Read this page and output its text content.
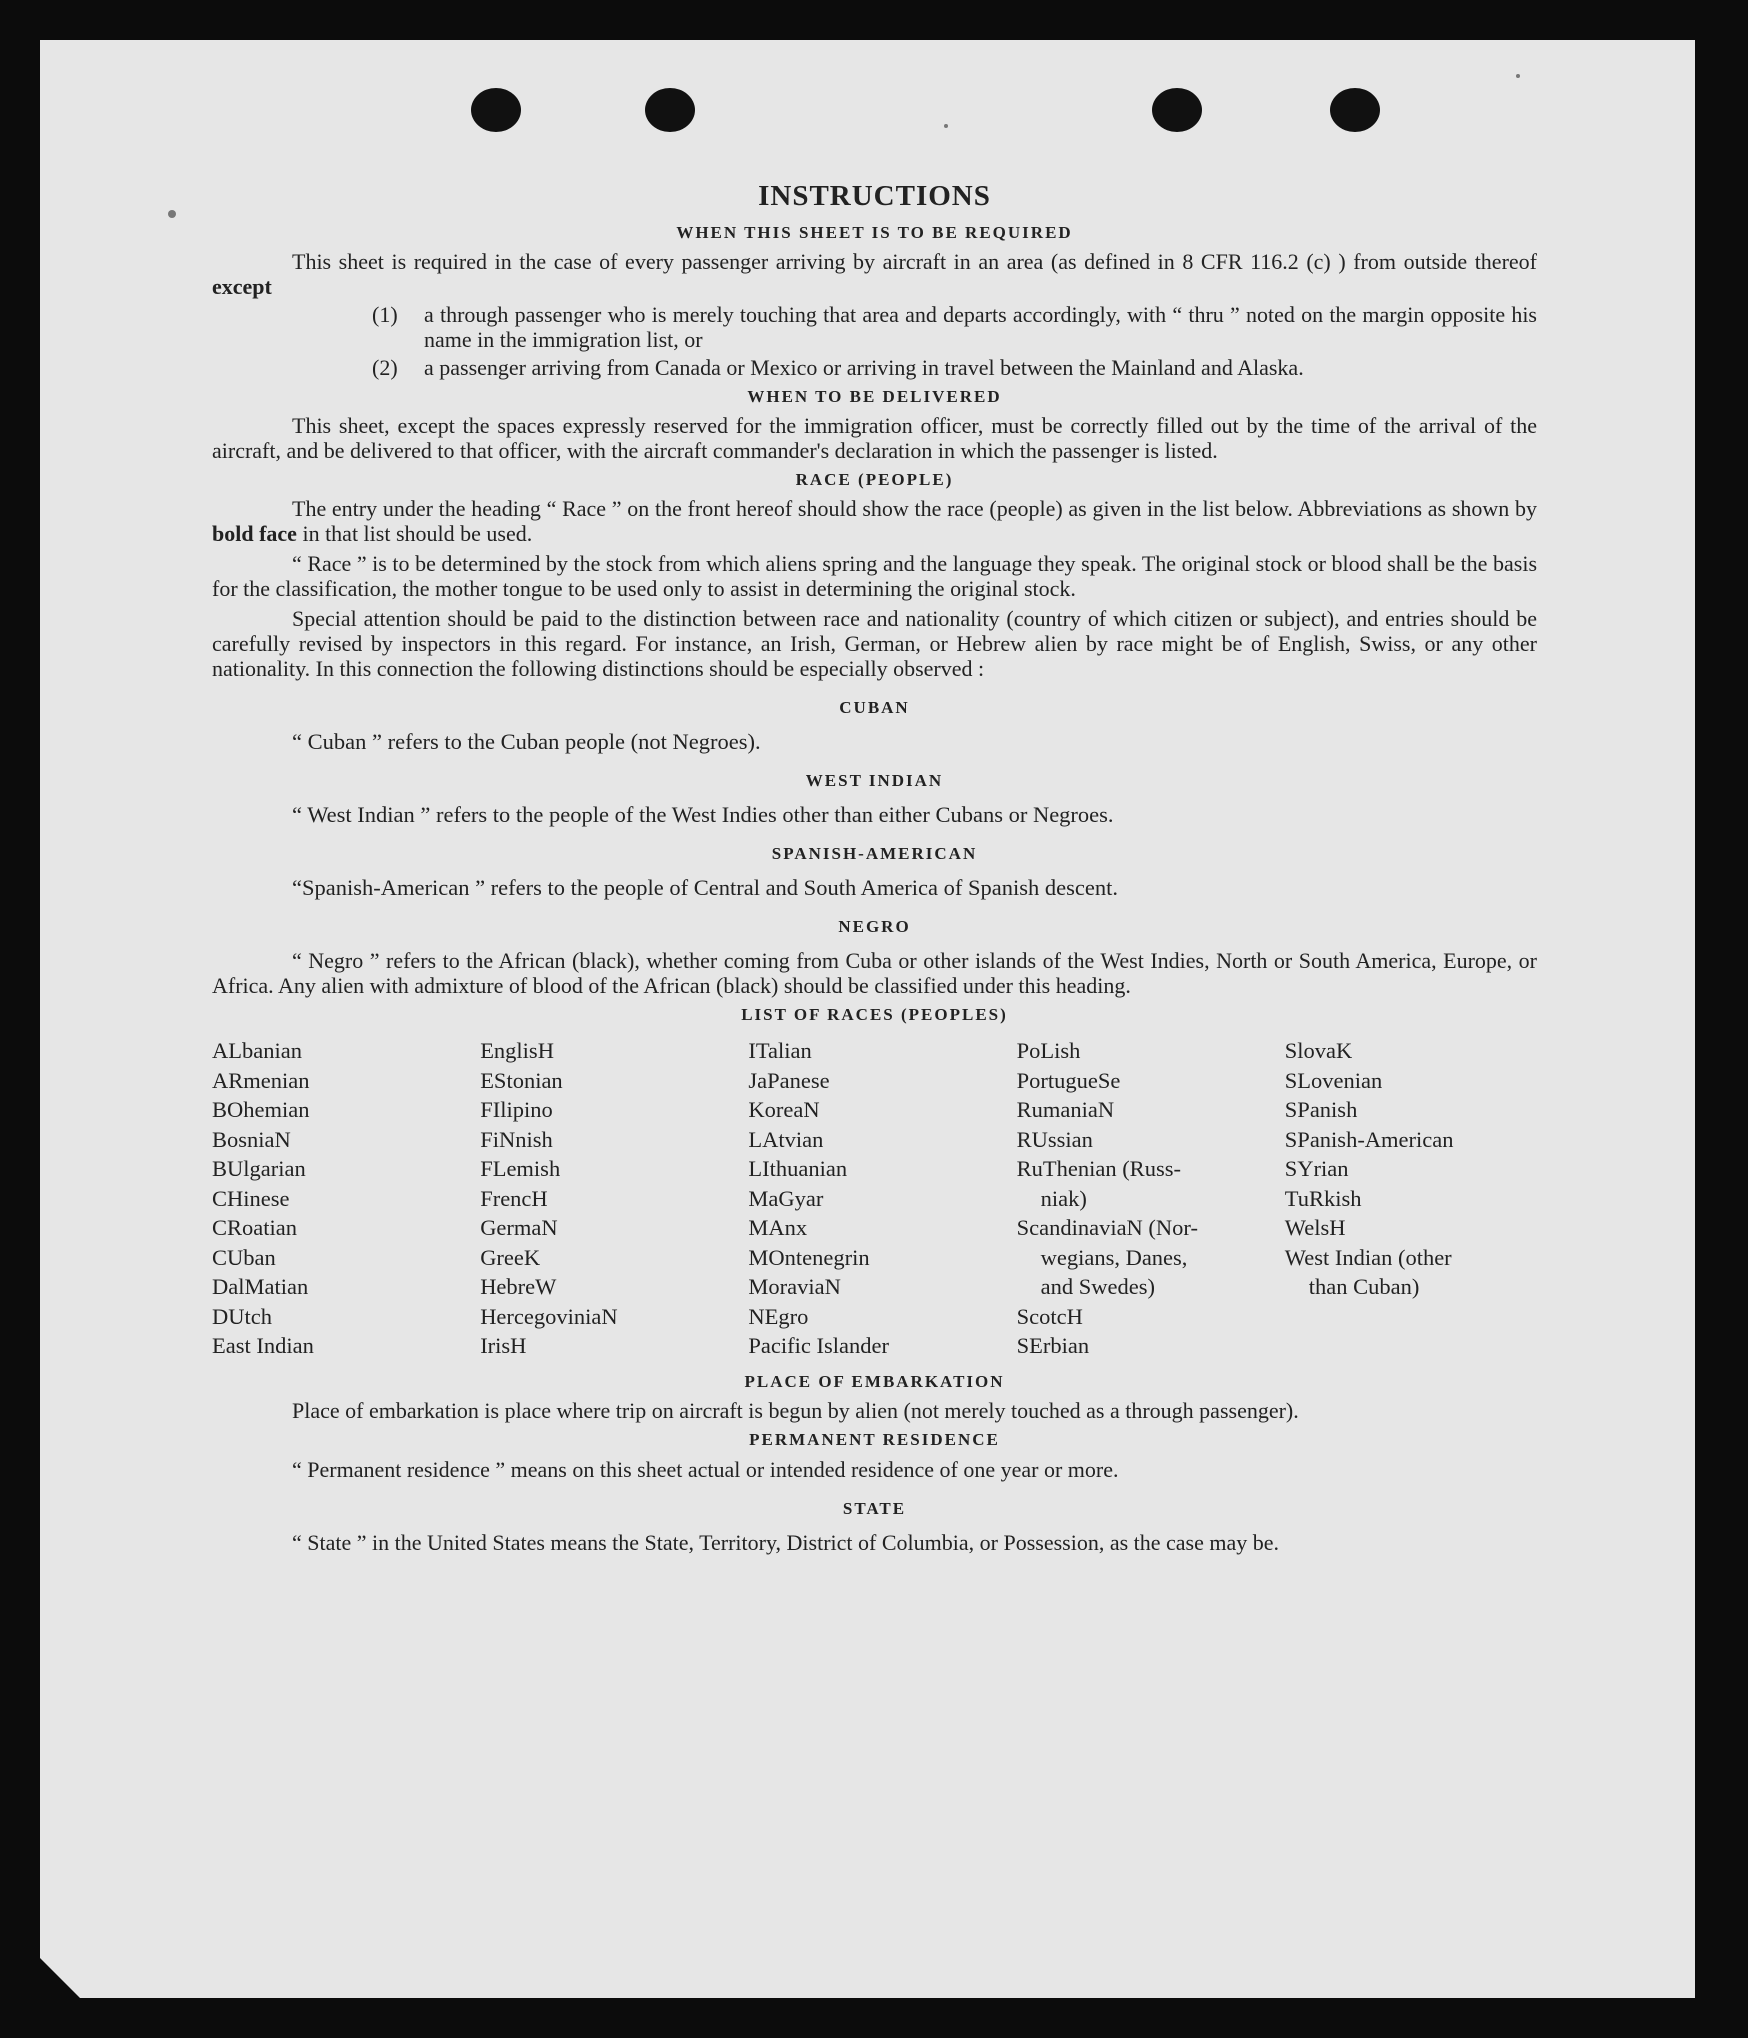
INSTRUCTIONS
WHEN THIS SHEET IS TO BE REQUIRED

This sheet is required in the case of every passenger arriving by aircraft in an area (as defined in 8 CFR 116.2 (c) ) from outside thereof except

(1)	a through passenger who is merely touching that area and departs accordingly, with “ thru ” noted on the margin opposite his name in the immigration list, or
(2)	a passenger arriving from Canada or Mexico or arriving in travel between the Mainland and Alaska.
WHEN TO BE DELIVERED

This sheet, except the spaces expressly reserved for the immigration officer, must be correctly filled out by the time of the arrival of the aircraft, and be delivered to that officer, with the aircraft commander's declaration in which the passenger is listed.

RACE (PEOPLE)

The entry under the heading “ Race ” on the front hereof should show the race (people) as given in the list below. Abbreviations as shown by bold face in that list should be used.

“ Race ” is to be determined by the stock from which aliens spring and the language they speak. The original stock or blood shall be the basis for the classification, the mother tongue to be used only to assist in determining the original stock.

Special attention should be paid to the distinction between race and nationality (country of which citizen or subject), and entries should be carefully revised by inspectors in this regard. For instance, an Irish, German, or Hebrew alien by race might be of English, Swiss, or any other nationality. In this connection the following distinctions should be especially observed :

CUBAN

“ Cuban ” refers to the Cuban people (not Negroes).

WEST INDIAN

“ West Indian ” refers to the people of the West Indies other than either Cubans or Negroes.

SPANISH-AMERICAN

“Spanish-American ” refers to the people of Central and South America of Spanish descent.

NEGRO

“ Negro ” refers to the African (black), whether coming from Cuba or other islands of the West Indies, North or South America, Europe, or Africa. Any alien with admixture of blood of the African (black) should be classified under this heading.

LIST OF RACES (PEOPLES)
ALbanian
ARmenian
BOhemian
BosniaN
BUlgarian
CHinese
CRoatian
CUban
DalMatian
DUtch
East Indian
EnglisH
EStonian
FIlipino
FiNnish
FLemish
FrencH
GermaN
GreeK
HebreW
HercegoviniaN
IrisH
ITalian
JaPanese
KoreaN
LAtvian
LIthuanian
MaGyar
MAnx
MOntenegrin
MoraviaN
NEgro
Pacific Islander
PoLish
PortugueSe
RumaniaN
RUssian
RuThenian (Russ-
niak)
ScandinaviaN (Nor-
wegians, Danes,
and Swedes)
ScotcH
SErbian
SlovaK
SLovenian
SPanish
SPanish-American
SYrian
TuRkish
WelsH
West Indian (other
than Cuban)
PLACE OF EMBARKATION

Place of embarkation is place where trip on aircraft is begun by alien (not merely touched as a through passenger).

PERMANENT RESIDENCE

“ Permanent residence ” means on this sheet actual or intended residence of one year or more.

STATE

“ State ” in the United States means the State, Territory, District of Columbia, or Possession, as the case may be.
